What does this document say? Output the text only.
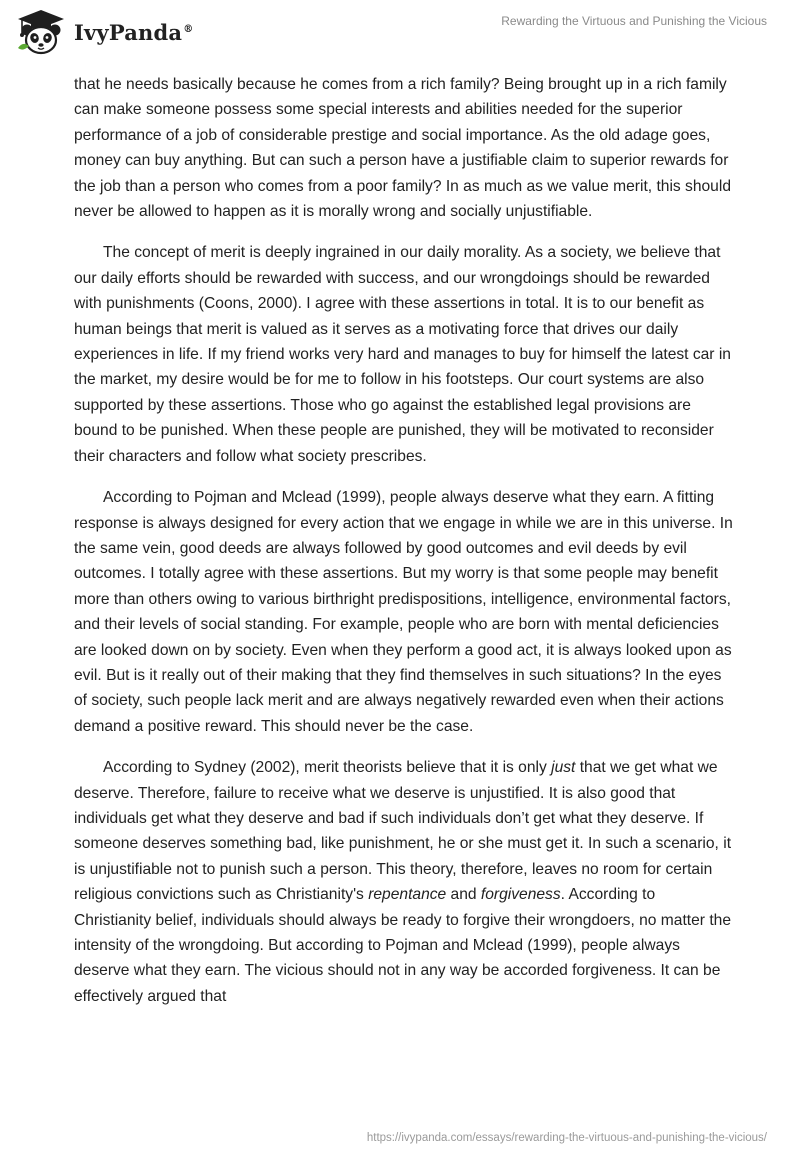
IvyPanda®
Rewarding the Virtuous and Punishing the Vicious

that he needs basically because he comes from a rich family? Being brought up in a rich family can make someone possess some special interests and abilities needed for the superior performance of a job of considerable prestige and social importance. As the old adage goes, money can buy anything. But can such a person have a justifiable claim to superior rewards for the job than a person who comes from a poor family? In as much as we value merit, this should never be allowed to happen as it is morally wrong and socially unjustifiable.

The concept of merit is deeply ingrained in our daily morality. As a society, we believe that our daily efforts should be rewarded with success, and our wrongdoings should be rewarded with punishments (Coons, 2000). I agree with these assertions in total. It is to our benefit as human beings that merit is valued as it serves as a motivating force that drives our daily experiences in life. If my friend works very hard and manages to buy for himself the latest car in the market, my desire would be for me to follow in his footsteps. Our court systems are also supported by these assertions. Those who go against the established legal provisions are bound to be punished. When these people are punished, they will be motivated to reconsider their characters and follow what society prescribes.

According to Pojman and Mclead (1999), people always deserve what they earn. A fitting response is always designed for every action that we engage in while we are in this universe. In the same vein, good deeds are always followed by good outcomes and evil deeds by evil outcomes. I totally agree with these assertions. But my worry is that some people may benefit more than others owing to various birthright predispositions, intelligence, environmental factors, and their levels of social standing. For example, people who are born with mental deficiencies are looked down on by society. Even when they perform a good act, it is always looked upon as evil. But is it really out of their making that they find themselves in such situations? In the eyes of society, such people lack merit and are always negatively rewarded even when their actions demand a positive reward. This should never be the case.

According to Sydney (2002), merit theorists believe that it is only just that we get what we deserve. Therefore, failure to receive what we deserve is unjustified. It is also good that individuals get what they deserve and bad if such individuals don’t get what they deserve. If someone deserves something bad, like punishment, he or she must get it. In such a scenario, it is unjustifiable not to punish such a person. This theory, therefore, leaves no room for certain religious convictions such as Christianity's repentance and forgiveness. According to Christianity belief, individuals should always be ready to forgive their wrongdoers, no matter the intensity of the wrongdoing. But according to Pojman and Mclead (1999), people always deserve what they earn. The vicious should not in any way be accorded forgiveness. It can be effectively argued that

https://ivypanda.com/essays/rewarding-the-virtuous-and-punishing-the-vicious/
